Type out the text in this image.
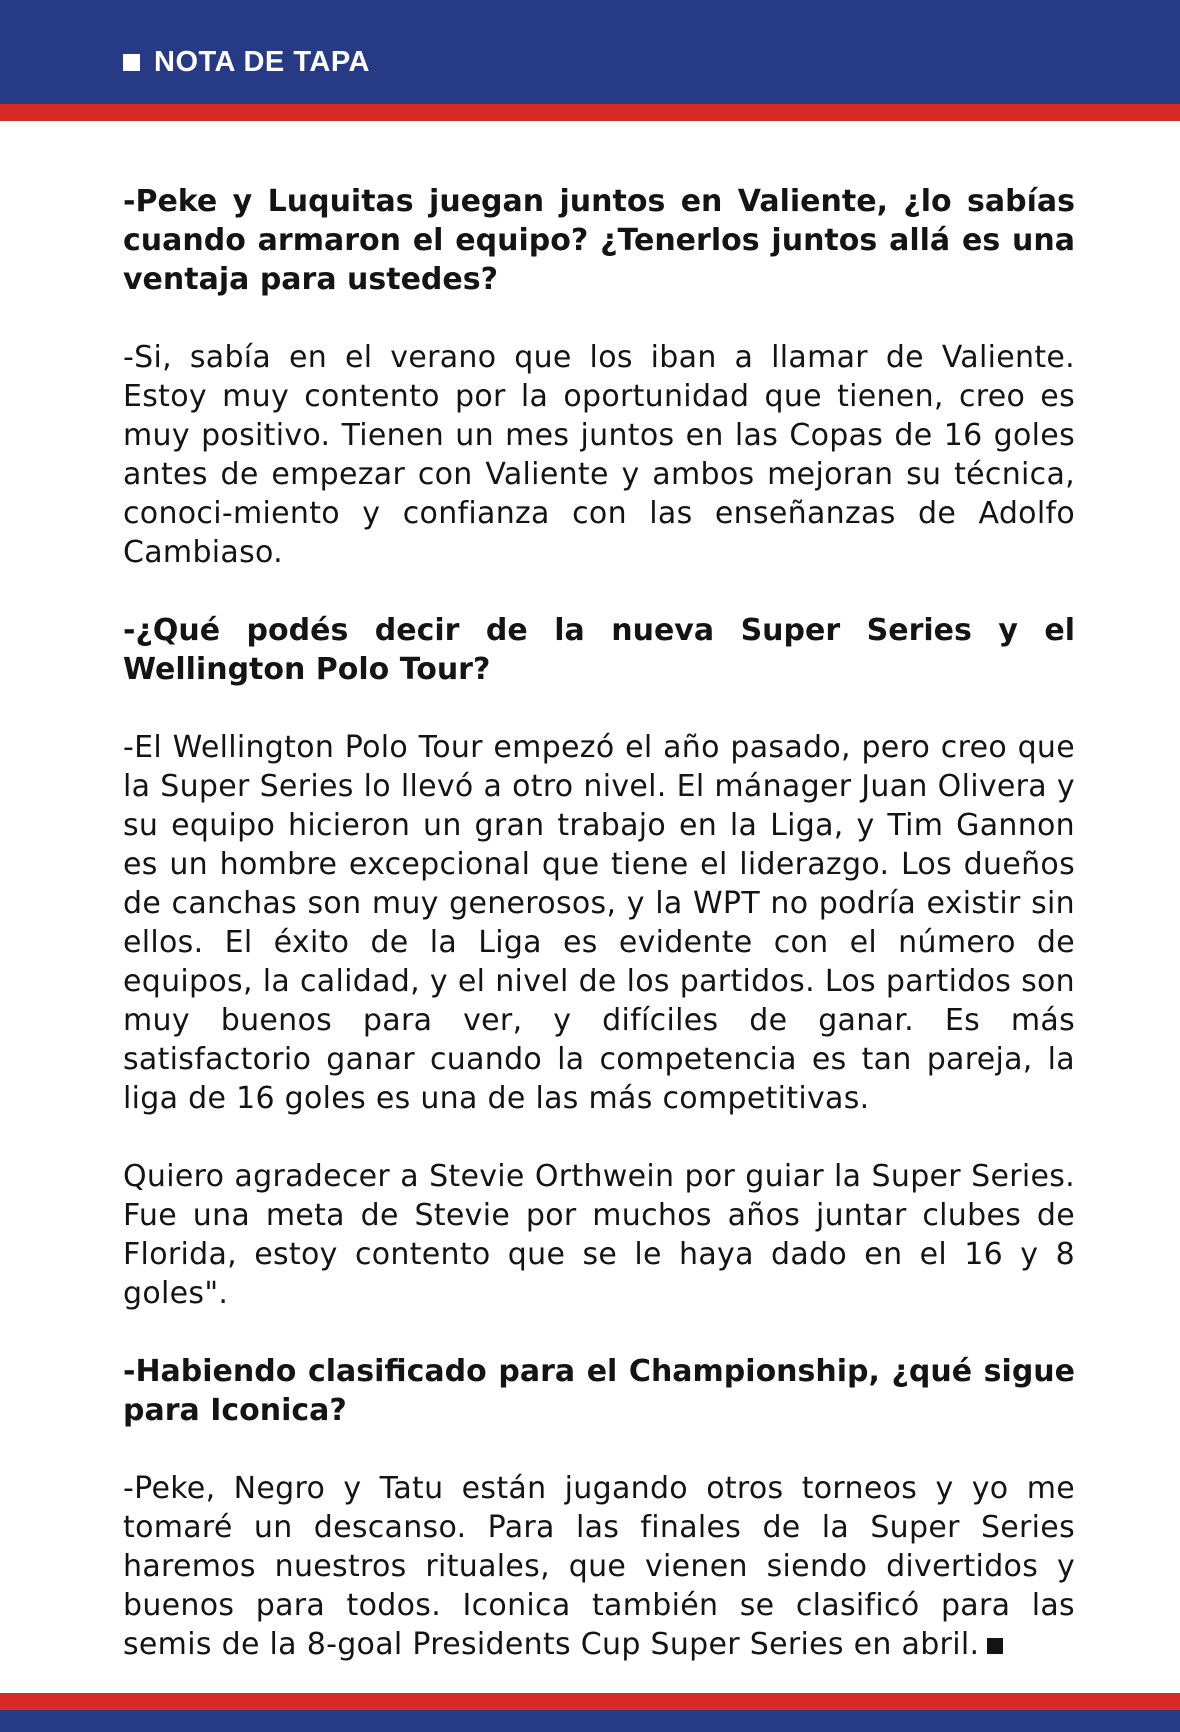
NOTA DE TAPA

-Peke y Luquitas juegan juntos en Valiente, ¿lo sabías cuando armaron el equipo? ¿Tenerlos juntos allá es una ventaja para ustedes?

-Si, sabía en el verano que los iban a llamar de Valiente. Estoy muy contento por la oportunidad que tienen, creo es muy positivo. Tienen un mes juntos en las Copas de 16 goles antes de empezar con Valiente y ambos mejoran su técnica, conoci-miento y confianza con las enseñanzas de Adolfo Cambiaso.

-¿Qué podés decir de la nueva Super Series y el Wellington Polo Tour?

-El Wellington Polo Tour empezó el año pasado, pero creo que la Super Series lo llevó a otro nivel. El mánager Juan Olivera y su equipo hicieron un gran trabajo en la Liga, y Tim Gannon es un hombre excepcional que tiene el liderazgo. Los dueños de canchas son muy generosos, y la WPT no podría existir sin ellos. El éxito de la Liga es evidente con el número de equipos, la calidad, y el nivel de los partidos. Los partidos son muy buenos para ver, y difíciles de ganar. Es más satisfactorio ganar cuando la competencia es tan pareja, la liga de 16 goles es una de las más competitivas.

Quiero agradecer a Stevie Orthwein por guiar la Super Series. Fue una meta de Stevie por muchos años juntar clubes de Florida, estoy contento que se le haya dado en el 16 y 8 goles".

-Habiendo clasificado para el Championship, ¿qué sigue para Iconica?

-Peke, Negro y Tatu están jugando otros torneos y yo me tomaré un descanso. Para las finales de la Super Series haremos nuestros rituales, que vienen siendo divertidos y buenos para todos. Iconica también se clasificó para las semis de la 8-goal Presidents Cup Super Series en abril.
